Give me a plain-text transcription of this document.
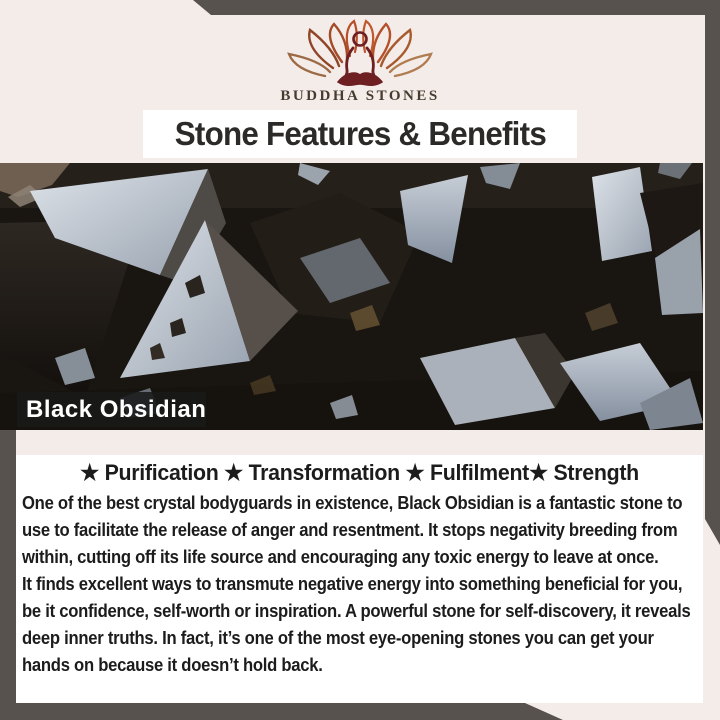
BUDDHA STONES
Stone Features & Benefits
Black Obsidian
★ Purification ★ Transformation ★ Fulfilment★ Strength

One of the best crystal bodyguards in existence, Black Obsidian is a fantastic stone to use to facilitate the release of anger and resentment. It stops negativity breeding from within, cutting off its life source and encouraging any toxic energy to leave at once.

It finds excellent ways to transmute negative energy into something beneficial for you, be it confidence, self-worth or inspiration. A powerful stone for self-discovery, it reveals deep inner truths. In fact, it’s one of the most eye-opening stones you can get your hands on because it doesn’t hold back.
